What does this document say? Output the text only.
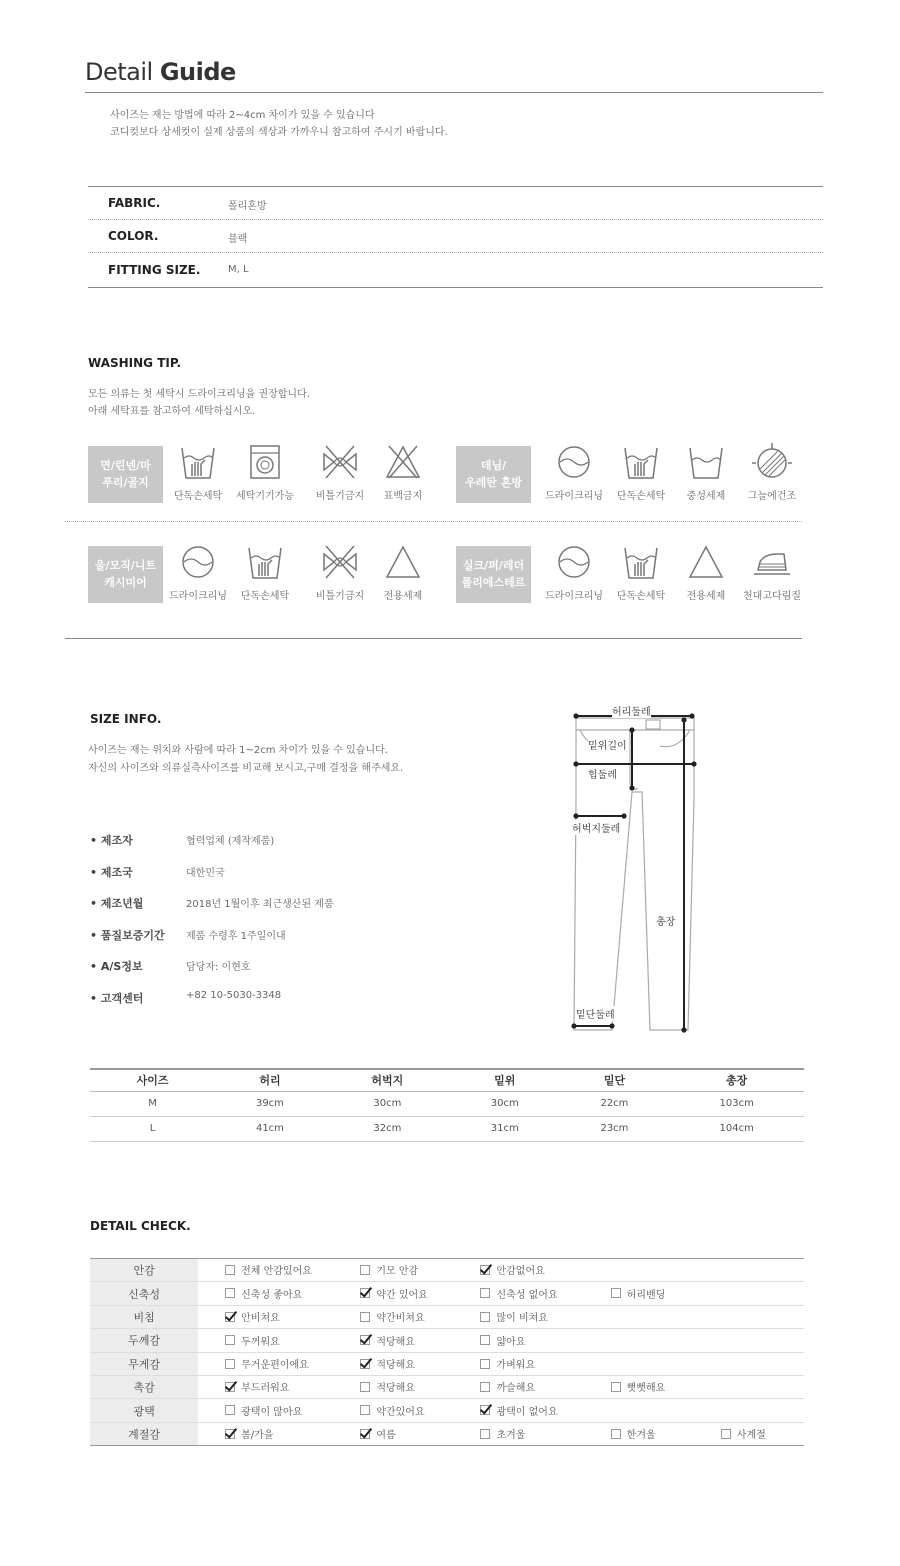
Detail Guide
사이즈는 재는 방법에 따라 2~4cm 차이가 있을 수 있습니다
코디컷보다 상세컷이 실제 상품의 색상과 가까우니 참고하여 주시기 바랍니다.
FABRIC.	폴리혼방
COLOR.	블랙
FITTING SIZE.	M, L
WASHING TIP.
모든 의류는 첫 세탁시 드라이크리닝을 권장합니다.
아래 세탁표를 참고하여 세탁하십시오.
면/린넨/마
푸리/골지
단독손세탁	세탁기기가능	비틀기금지	표백금지
데님/
우레탄 혼방
드라이크리닝	단독손세탁	중성세제	그늘에건조
울/모직/니트
캐시미어
드라이크리닝	단독손세탁	비틀기금지	전용세제
실크/퍼/레더
폴리에스테르
드라이크리닝	단독손세탁	전용세제	천대고다림질
SIZE INFO.
사이즈는 재는 위치와 사람에 따라 1~2cm 차이가 있을 수 있습니다.
자신의 사이즈와 의류실측사이즈를 비교해 보시고,구매 결정을 해주세요.
• 제조자	협력업체 (제작제품)
• 제조국	대한민국
• 제조년월	2018년 1월이후 최근생산된 제품
• 품질보증기간 제품 수령후 1주일이내
• A/S정보	담당자: 이현호
• 고객센터	+82 10-5030-3348
허리둘레
밑위길이
힙둘레
허벅지둘레
총장
밑단둘레
사이즈	허리	허벅지	밑위	밑단	총장
M	39cm	30cm	30cm	22cm	103cm
L	41cm	32cm	31cm	23cm	104cm
DETAIL CHECK.
안감	전체 안감있어요	기모 안감	안감없어요		

신축성	신축성 좋아요	약간 있어요	신축성 없어요	허리밴딩	

비침	안비쳐요	약간비쳐요	많이 비쳐요		

두께감	두꺼워요	적당해요	얇아요		

무게감	무거운편이에요	적당해요	가벼워요		

촉감	부드러워요	적당해요	까슬해요	뻣뻣해요	

광택	광택이 많아요	약간있어요	광택이 없어요		

계절감	봄/가을	여름	초겨울	한겨울	사계절
